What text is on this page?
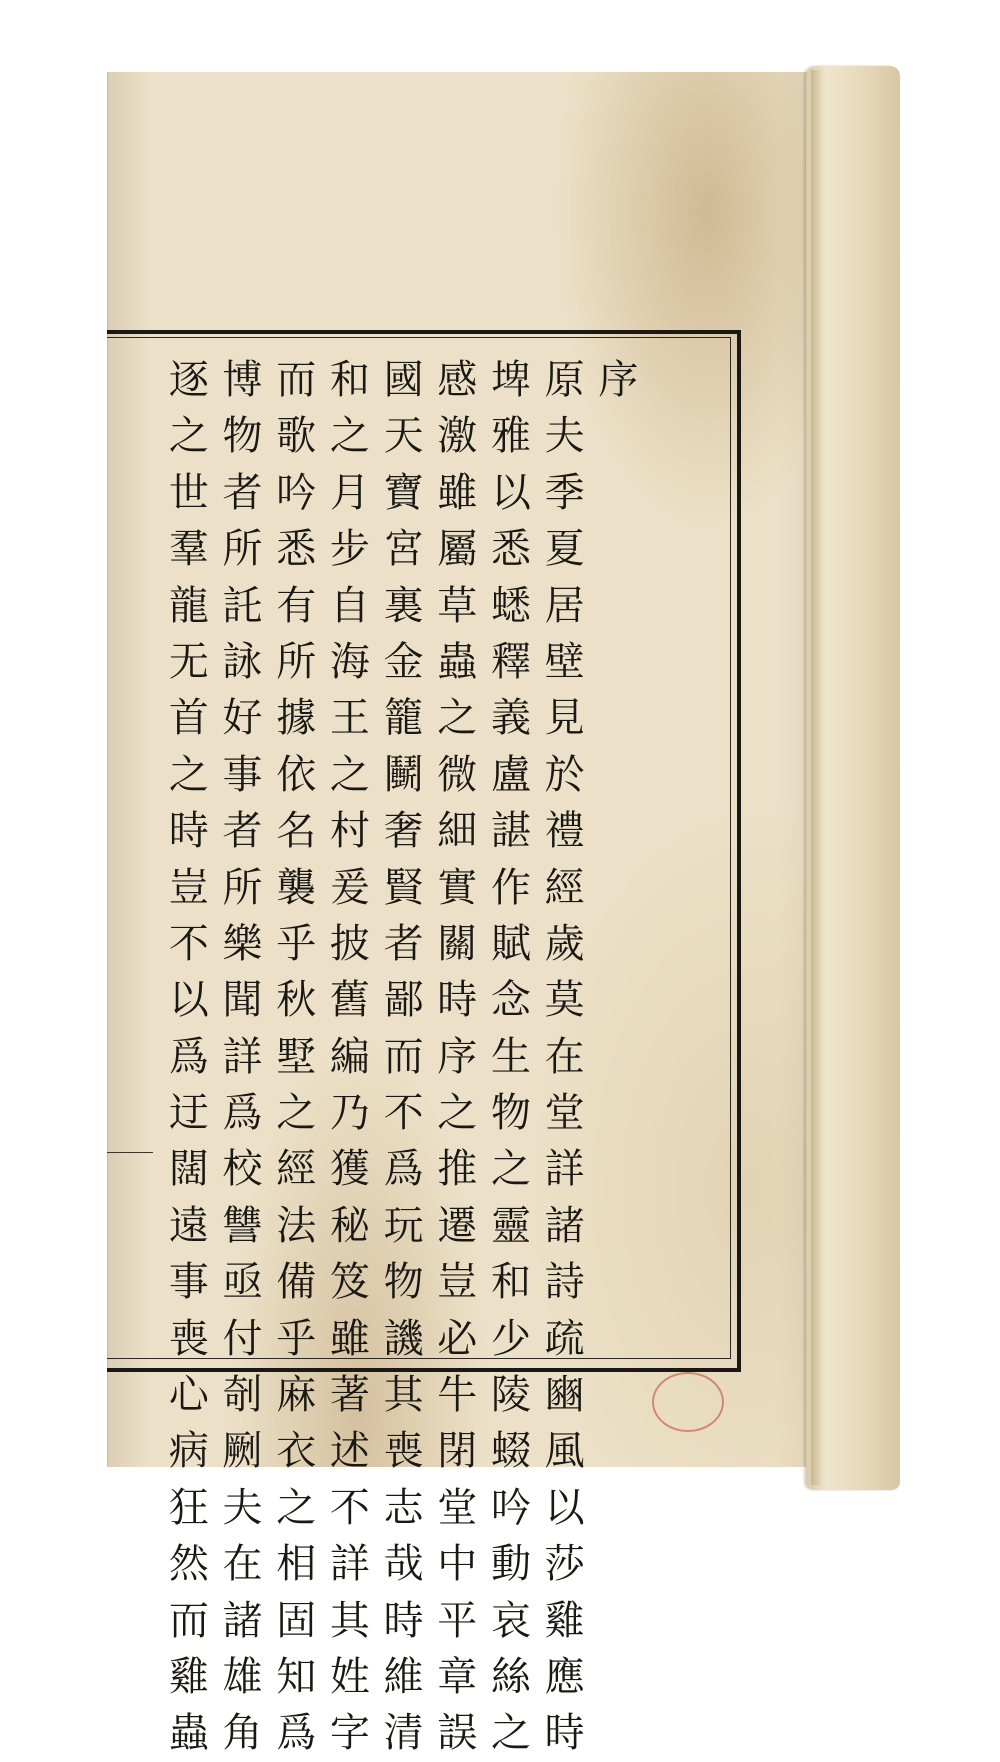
序
原
夫
季
夏
居
壁
見
於
禮
經
歲
莫
在
堂
詳
諸
詩
疏
豳
風
以
莎
雞
應
時
埤
雅
以
悉
蟋
釋
義
盧
諶
作
賦
念
生
物
之
靈
和
少
陵
蝃
吟
動
哀
絲
之
感
激
雖
屬
草
蟲
之
微
細
實
關
時
序
之
推
遷
豈
必
牛
閉
堂
中
平
章
誤
國
天
寶
宮
裏
金
籠
鬭
奢
賢
者
鄙
而
不
爲
玩
物
譏
其
喪
志
哉
時
維
清
和
之
月
步
自
海
王
之
村
爰
披
舊
編
乃
獲
秘
笈
雖
著
述
不
詳
其
姓
字
而
歌
吟
悉
有
所
據
依
名
襲
乎
秋
墅
之
經
法
備
乎
麻
衣
之
相
固
知
爲
博
物
者
所
託
詠
好
事
者
所
樂
聞
詳
爲
校
讐
亟
付
剞
劂
夫
在
諸
雄
角
逐
之
世
羣
龍
无
首
之
時
豈
不
以
爲
迂
闊
遠
事
喪
心
病
狂
然
而
雞
蟲
